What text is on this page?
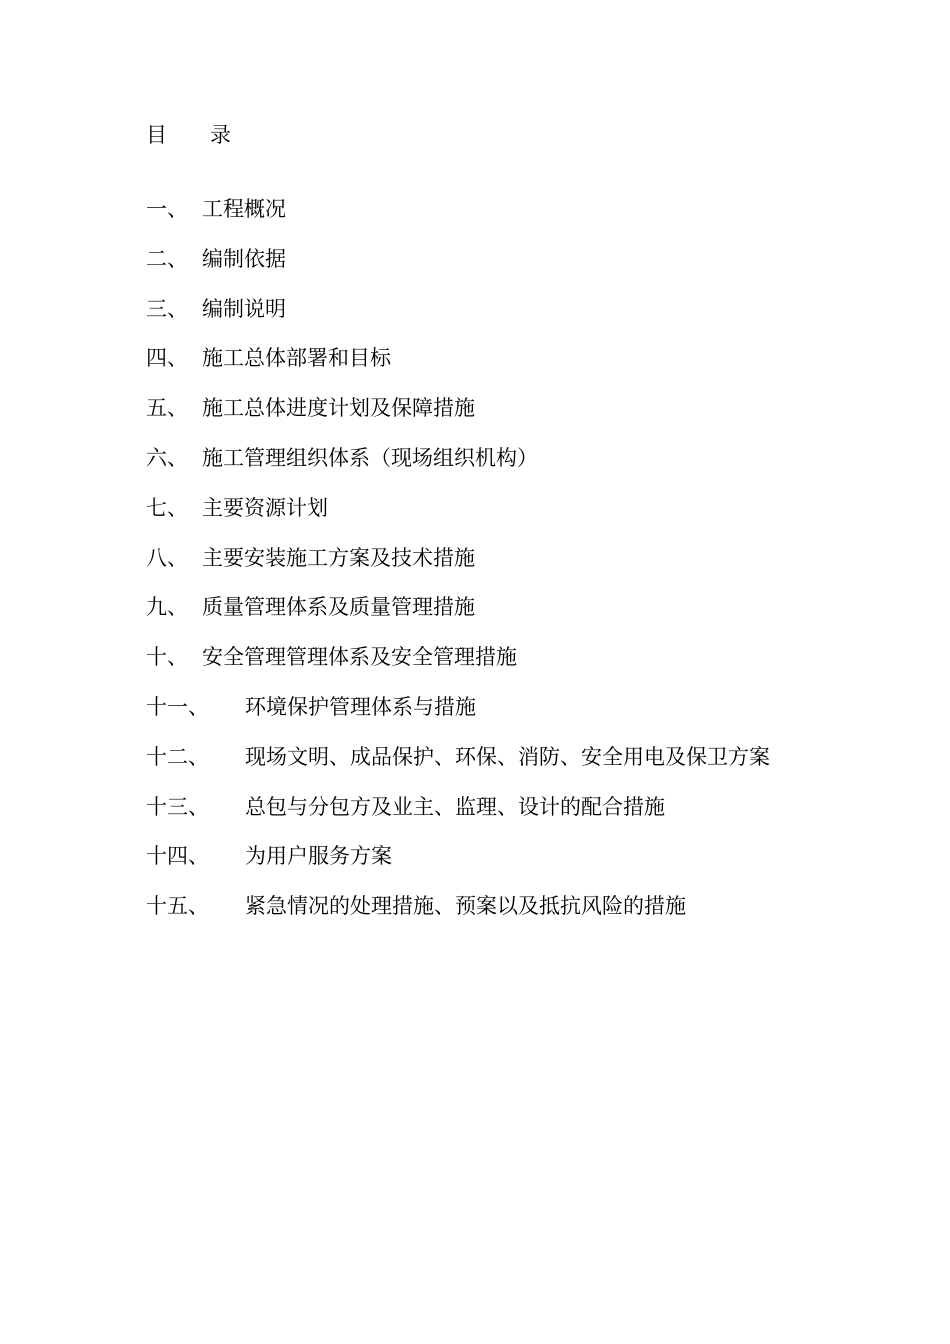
目 录
一、 工程概况
二、 编制依据
三、 编制说明
四、 施工总体部署和目标
五、 施工总体进度计划及保障措施
六、 施工管理组织体系（现场组织机构）
七、 主要资源计划
八、 主要安装施工方案及技术措施
九、 质量管理体系及质量管理措施
十、 安全管理管理体系及安全管理措施
十一、	环境保护管理体系与措施
十二、	现场文明、成品保护、环保、消防、安全用电及保卫方案
十三、	总包与分包方及业主、监理、设计的配合措施
十四、	为用户服务方案
十五、	紧急情况的处理措施、预案以及抵抗风险的措施
